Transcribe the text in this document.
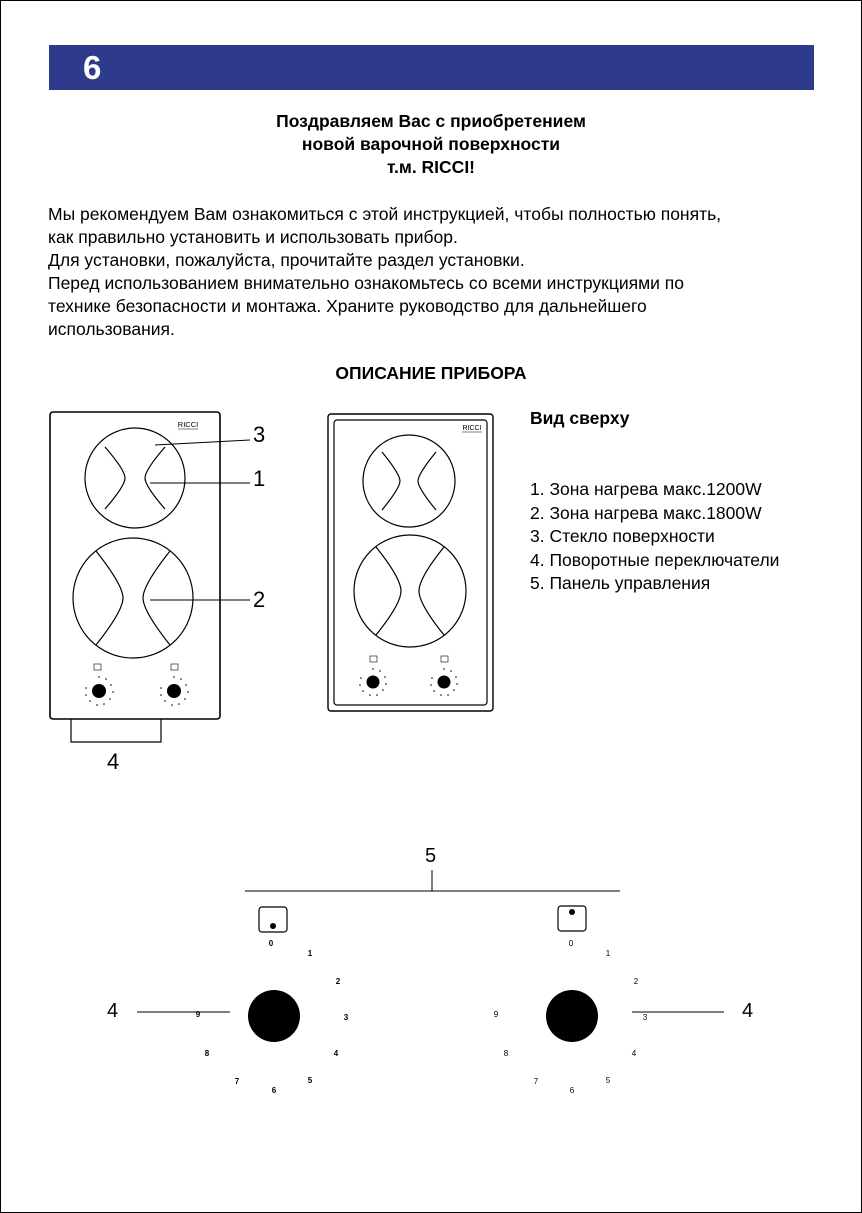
6
Поздравляем Вас с приобретением
новой варочной поверхности
т.м. RICCI!
Мы рекомендуем Вам ознакомиться с этой инструкцией, чтобы полностью понять,
как правильно установить и использовать прибор.
Для установки, пожалуйста, прочитайте раздел установки.
Перед использованием внимательно ознакомьтесь со всеми инструкциями по
технике безопасности и монтажа. Храните руководство для дальнейшего
использования.
ОПИСАНИЕ ПРИБОРА
Вид сверху
1. Зона нагрева макс.1200W
2. Зона нагрева макс.1800W
3. Стекло поверхности
4. Поворотные переключатели
5. Панель управления
RICCI	RICCI
0
1
2
3
4
5
6
7
8
9
0
1
2
3
4
5
6
7
8
9
3
1
2
4
5
4	4
